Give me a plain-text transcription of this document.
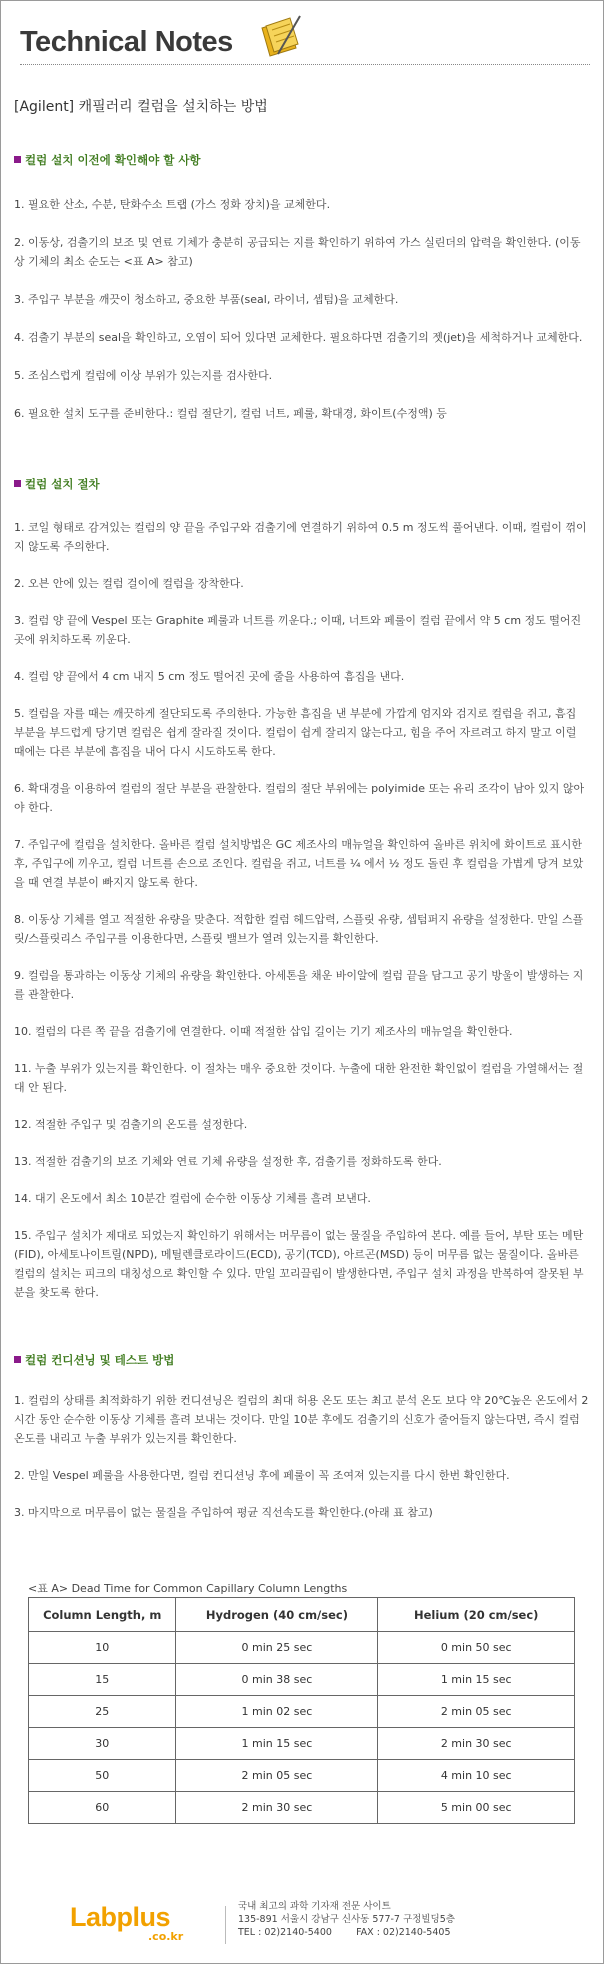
Technical Notes
[Agilent] 캐필러리 컬럼을 설치하는 방법

컬럼 설치 이전에 확인해야 할 사항

1. 필요한 산소, 수분, 탄화수소 트랩 (가스 정화 장치)을 교체한다.

2. 이동상, 검출기의 보조 및 연료 기체가 충분히 공급되는 지를 확인하기 위하여 가스 실린더의 압력을 확인한다. (이동상 기체의 최소 순도는 <표 A> 참고)

3. 주입구 부분을 깨끗이 청소하고, 중요한 부품(seal, 라이너, 셉텀)을 교체한다.

4. 검출기 부분의 seal을 확인하고, 오염이 되어 있다면 교체한다. 필요하다면 검출기의 젯(jet)을 세척하거나 교체한다.

5. 조심스럽게 컬럼에 이상 부위가 있는지를 검사한다.

6. 필요한 설치 도구를 준비한다.: 컬럼 절단기, 컬럼 너트, 페룰, 확대경, 화이트(수정액) 등

컬럼 설치 절차

1. 코일 형태로 감겨있는 컬럼의 양 끝을 주입구와 검출기에 연결하기 위하여 0.5 m 정도씩 풀어낸다. 이때, 컬럼이 꺾이지 않도록 주의한다.

2. 오븐 안에 있는 컬럼 걸이에 컬럼을 장착한다.

3. 컬럼 양 끝에 Vespel 또는 Graphite 페룰과 너트를 끼운다.; 이때, 너트와 페룰이 컬럼 끝에서 약 5 cm 정도 떨어진 곳에 위치하도록 끼운다.

4. 컬럼 양 끝에서 4 cm 내지 5 cm 정도 떨어진 곳에 줄을 사용하여 흠집을 낸다.

5. 컬럼을 자를 때는 깨끗하게 절단되도록 주의한다. 가능한 흠집을 낸 부분에 가깝게 엄지와 검지로 컬럼을 쥐고, 흠집 부분을 부드럽게 당기면 컬럼은 쉽게 잘라질 것이다. 컬럼이 쉽게 잘리지 않는다고, 힘을 주어 자르려고 하지 말고 이럴 때에는 다른 부분에 흠집을 내어 다시 시도하도록 한다.

6. 확대경을 이용하여 컬럼의 절단 부분을 관찰한다. 컬럼의 절단 부위에는 polyimide 또는 유리 조각이 남아 있지 않아야 한다.

7. 주입구에 컬럼을 설치한다. 올바른 컬럼 설치방법은 GC 제조사의 매뉴얼을 확인하여 올바른 위치에 화이트로 표시한 후, 주입구에 끼우고, 컬럼 너트를 손으로 조인다. 컬럼을 쥐고, 너트를 ¼ 에서 ½ 정도 돌린 후 컬럼을 가볍게 당겨 보았을 때 연결 부분이 빠지지 않도록 한다.

8. 이동상 기체를 열고 적절한 유량을 맞춘다. 적합한 컬럼 헤드압력, 스플릿 유량, 셉텀퍼지 유량을 설정한다. 만일 스플릿/스플릿리스 주입구를 이용한다면, 스플릿 밸브가 열려 있는지를 확인한다.

9. 컬럼을 통과하는 이동상 기체의 유량을 확인한다. 아세톤을 채운 바이알에 컬럼 끝을 담그고 공기 방울이 발생하는 지를 관찰한다.

10. 컬럼의 다른 쪽 끝을 검출기에 연결한다. 이때 적절한 삽입 길이는 기기 제조사의 매뉴얼을 확인한다.

11. 누출 부위가 있는지를 확인한다. 이 절차는 매우 중요한 것이다. 누출에 대한 완전한 확인없이 컬럼을 가열해서는 절대 안 된다.

12. 적절한 주입구 및 검출기의 온도를 설정한다.

13. 적절한 검출기의 보조 기체와 연료 기체 유량을 설정한 후, 검출기를 정화하도록 한다.

14. 대기 온도에서 최소 10분간 컬럼에 순수한 이동상 기체를 흘려 보낸다.

15. 주입구 설치가 제대로 되었는지 확인하기 위해서는 머무름이 없는 물질을 주입하여 본다. 예를 들어, 부탄 또는 메탄(FID), 아세토나이트릴(NPD), 메틸렌클로라이드(ECD), 공기(TCD), 아르곤(MSD) 등이 머무름 없는 물질이다. 올바른 컬럼의 설치는 피크의 대칭성으로 확인할 수 있다. 만일 꼬리끌림이 발생한다면, 주입구 설치 과정을 반복하여 잘못된 부분을 찾도록 한다.

컬럼 컨디션닝 및 테스트 방법

1. 컬럼의 상태를 최적화하기 위한 컨디션닝은 컬럼의 최대 허용 온도 또는 최고 분석 온도 보다 약 20℃높은 온도에서 2 시간 동안 순수한 이동상 기체를 흘려 보내는 것이다. 만일 10분 후에도 검출기의 신호가 줄어들지 않는다면, 즉시 컬럼 온도를 내리고 누출 부위가 있는지를 확인한다.

2. 만일 Vespel 페룰을 사용한다면, 컬럼 컨디션닝 후에 페룰이 꼭 조여져 있는지를 다시 한번 확인한다.

3. 마지막으로 머무름이 없는 물질을 주입하여 평균 직선속도를 확인한다.(아래 표 참고)

<표 A> Dead Time for Common Capillary Column Lengths
Column Length, m	Hydrogen (40 cm/sec)	Helium (20 cm/sec)
10	0 min 25 sec	0 min 50 sec
15	0 min 38 sec	1 min 15 sec
25	1 min 02 sec	2 min 05 sec
30	1 min 15 sec	2 min 30 sec
50	2 min 05 sec	4 min 10 sec
60	2 min 30 sec	5 min 00 sec
Labplus
.co.kr
국내 최고의 과학 기자재 전문 사이트
135-891 서울시 강남구 신사동 577-7 구정빌딩5층
TEL : 02)2140-5400        FAX : 02)2140-5405
